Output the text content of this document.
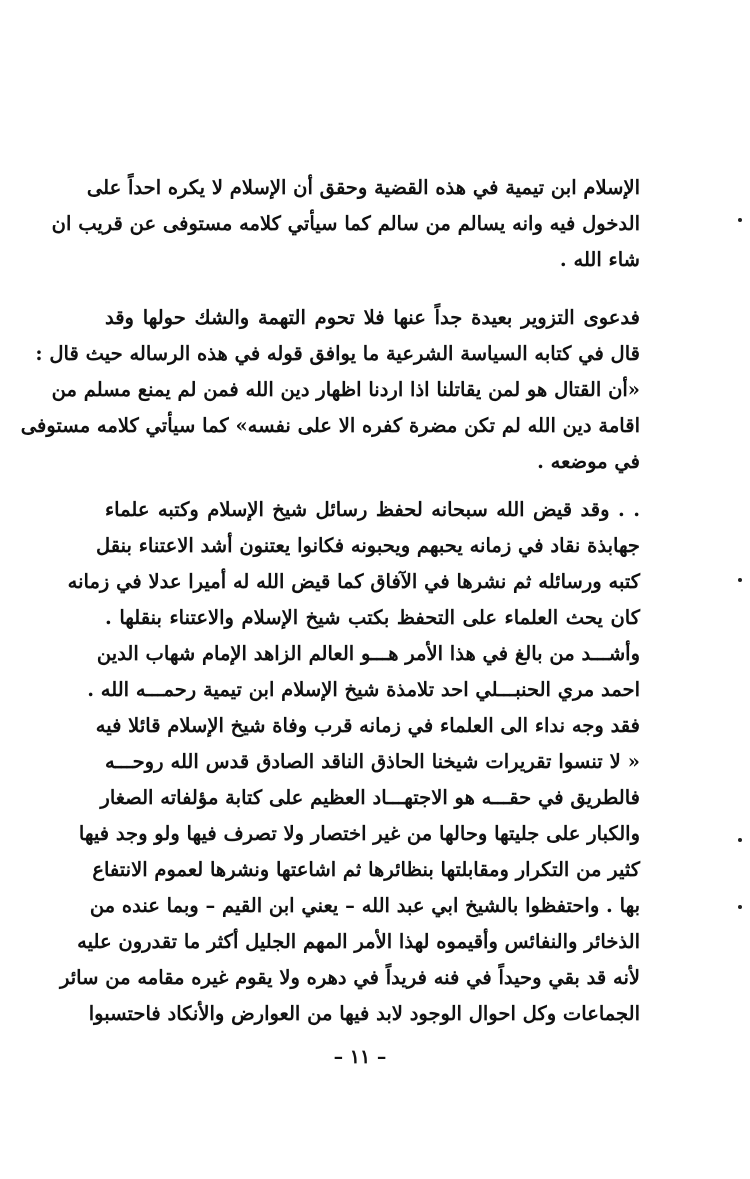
الإسلام ابن تيمية في هذه القضية وحقق أن الإسلام لا يكره احداً على
الدخول فيه وانه يسالم من سالم كما سيأتي كلامه مستوفى عن قريب ان
شاء الله .
فدعوى التزوير بعيدة جداً عنها فلا تحوم التهمة والشك حولها وقد
قال في كتابه السياسة الشرعية ما يوافق قوله في هذه الرساله حيث قال :
«أن القتال هو لمن يقاتلنا اذا اردنا اظهار دين الله فمن لم يمنع مسلم من
اقامة دين الله لم تكن مضرة كفره الا على نفسه» كما سيأتي كلامه مستوفى
في موضعه .
. . وقد قيض الله سبحانه لحفظ رسائل شيخ الإسلام وكتبه علماء
جهابذة نقاد في زمانه يحبهم ويحبونه فكانوا يعتنون أشد الاعتناء بنقل
كتبه ورسائله ثم نشرها في الآفاق كما قيض الله له أميرا عدلا في زمانه
كان يحث العلماء على التحفظ بكتب شيخ الإسلام والاعتناء بنقلها .
وأشـــد من بالغ في هذا الأمر هـــو العالم الزاهد الإمام شهاب الدين
احمد مري الحنبـــلي احد تلامذة شيخ الإسلام ابن تيمية رحمـــه الله .
فقد وجه نداء الى العلماء في زمانه قرب وفاة شيخ الإسلام قائلا فيه
« لا تنسوا تقريرات شيخنا الحاذق الناقد الصادق قدس الله روحـــه
فالطريق في حقـــه هو الاجتهـــاد العظيم على كتابة مؤلفاته الصغار
والكبار على جليتها وحالها من غير اختصار ولا تصرف فيها ولو وجد فيها
كثير من التكرار ومقابلتها بنظائرها ثم اشاعتها ونشرها لعموم الانتفاع
بها . واحتفظوا بالشيخ ابي عبد الله – يعني ابن القيم – وبما عنده من
الذخائر والنفائس وأقيموه لهذا الأمر المهم الجليل أكثر ما تقدرون عليه
لأنه قد بقي وحيداً في فنه فريداً في دهره ولا يقوم غيره مقامه من سائر
الجماعات وكل احوال الوجود لابد فيها من العوارض والأنكاد فاحتسبوا
– ١١ –
